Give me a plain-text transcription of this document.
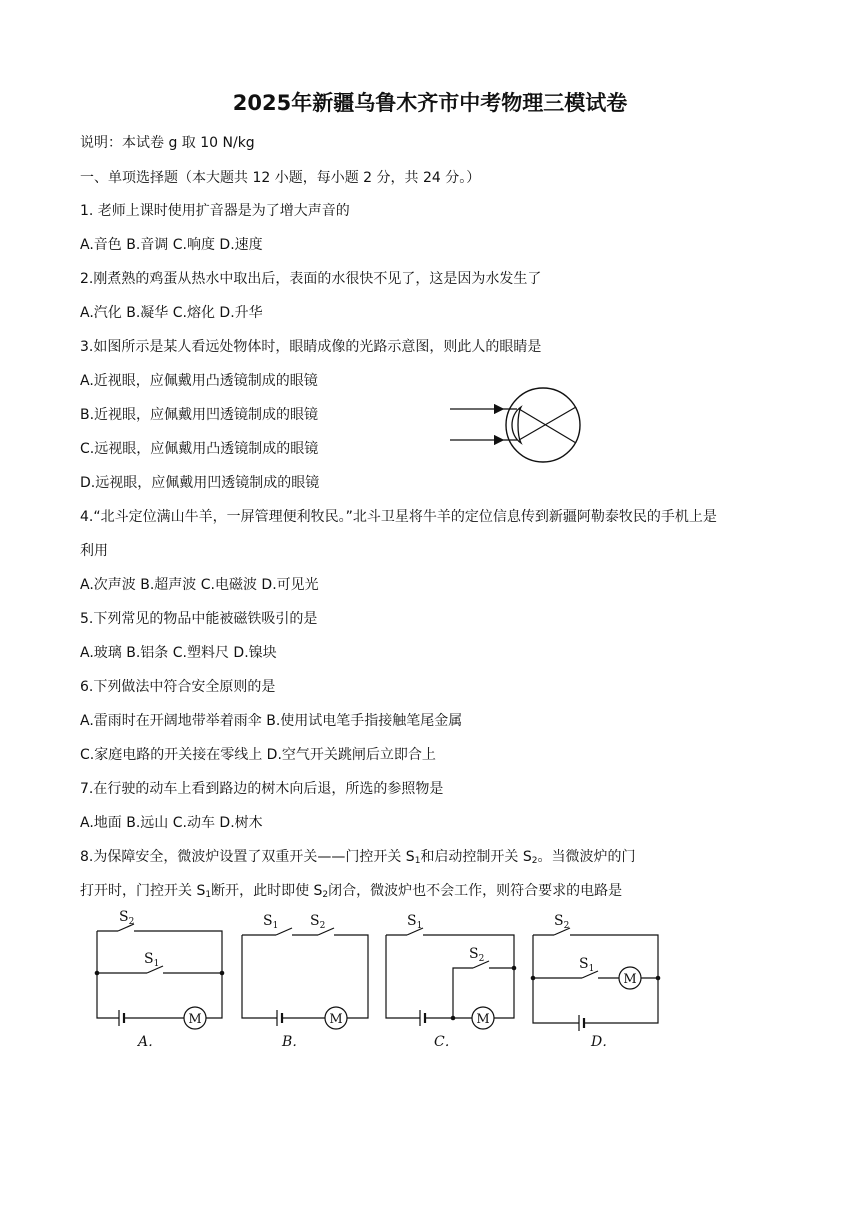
2025年新疆乌鲁木齐市中考物理三模试卷
说明：本试卷 g 取 10 N/kg
一、单项选择题（本大题共 12 小题，每小题 2 分，共 24 分。）
1. 老师上课时使用扩音器是为了增大声音的
A.音色 B.音调 C.响度 D.速度
2.刚煮熟的鸡蛋从热水中取出后，表面的水很快不见了，这是因为水发生了
A.汽化 B.凝华 C.熔化 D.升华
3.如图所示是某人看远处物体时，眼睛成像的光路示意图，则此人的眼睛是
A.近视眼，应佩戴用凸透镜制成的眼镜
B.近视眼，应佩戴用凹透镜制成的眼镜
C.远视眼，应佩戴用凸透镜制成的眼镜
D.远视眼，应佩戴用凹透镜制成的眼镜
4.“北斗定位满山牛羊，一屏管理便利牧民。”北斗卫星将牛羊的定位信息传到新疆阿勒泰牧民的手机上是
利用
A.次声波 B.超声波 C.电磁波 D.可见光
5.下列常见的物品中能被磁铁吸引的是
A.玻璃 B.铝条 C.塑料尺 D.镍块
6.下列做法中符合安全原则的是
A.雷雨时在开阔地带举着雨伞 B.使用试电笔手指接触笔尾金属
C.家庭电路的开关接在零线上 D.空气开关跳闸后立即合上
7.在行驶的动车上看到路边的树木向后退，所选的参照物是
A.地面 B.远山 C.动车 D.树木
8.为保障安全，微波炉设置了双重开关——门控开关 $S_1$和启动控制开关 $S_2$。当微波炉的门
打开时，门控开关 $S_1$断开，此时即使 $S_2$闭合，微波炉也不会工作，则符合要求的电路是
$S_2$
$S_1$
$S_1$ $S_2$	$S_1$
$S_2$
$S_2$
$S_1$
M	M	M
M
A．	B．	C．	D．
